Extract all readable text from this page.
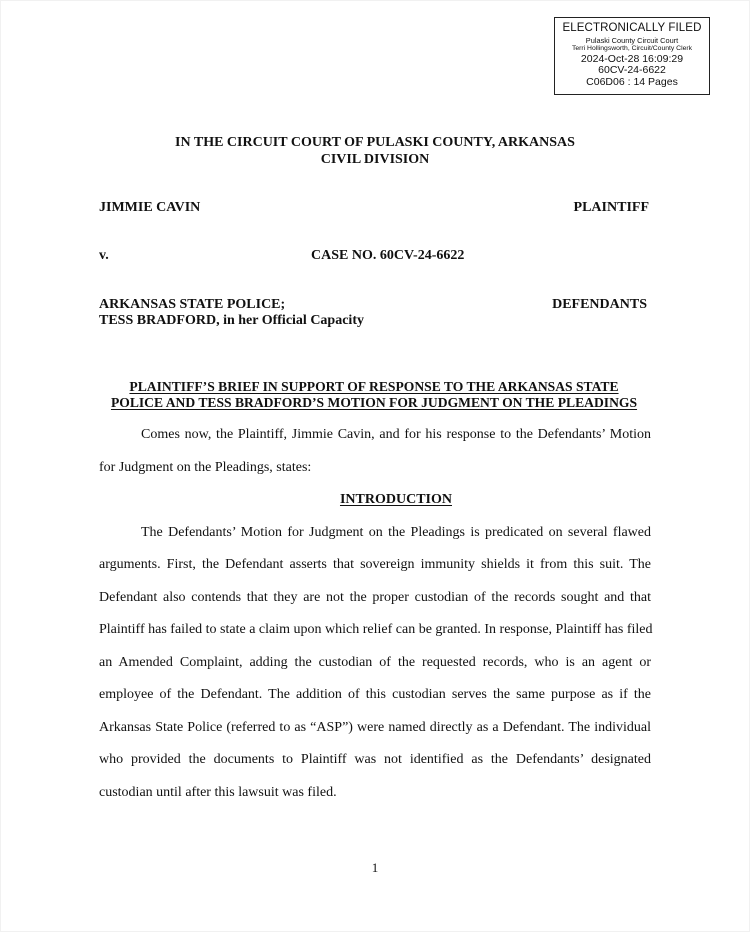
ELECTRONICALLY FILED
Pulaski County Circuit Court
Terri Hollingsworth, Circuit/County Clerk
2024-Oct-28 16:09:29
60CV-24-6622
C06D06 : 14 Pages

IN THE CIRCUIT COURT OF PULASKI COUNTY, ARKANSAS

CIVIL DIVISION

JIMMIE CAVIN	PLAINTIFF

v.	CASE NO. 60CV-24-6622

ARKANSAS STATE POLICE;	DEFENDANTS

TESS BRADFORD, in her Official Capacity

PLAINTIFF’S BRIEF IN SUPPORT OF RESPONSE TO THE ARKANSAS STATE

POLICE AND TESS BRADFORD’S MOTION FOR JUDGMENT ON THE PLEADINGS

Comes now, the Plaintiff, Jimmie Cavin, and for his response to the Defendants’ Motion

for Judgment on the Pleadings, states:

INTRODUCTION

The Defendants’ Motion for Judgment on the Pleadings is predicated on several flawed

arguments. First, the Defendant asserts that sovereign immunity shields it from this suit. The

Defendant also contends that they are not the proper custodian of the records sought and that

Plaintiff has failed to state a claim upon which relief can be granted. In response, Plaintiff has filed

an Amended Complaint, adding the custodian of the requested records, who is an agent or

employee of the Defendant. The addition of this custodian serves the same purpose as if the

Arkansas State Police (referred to as “ASP”) were named directly as a Defendant. The individual

who provided the documents to Plaintiff was not identified as the Defendants’ designated

custodian until after this lawsuit was filed.

1
